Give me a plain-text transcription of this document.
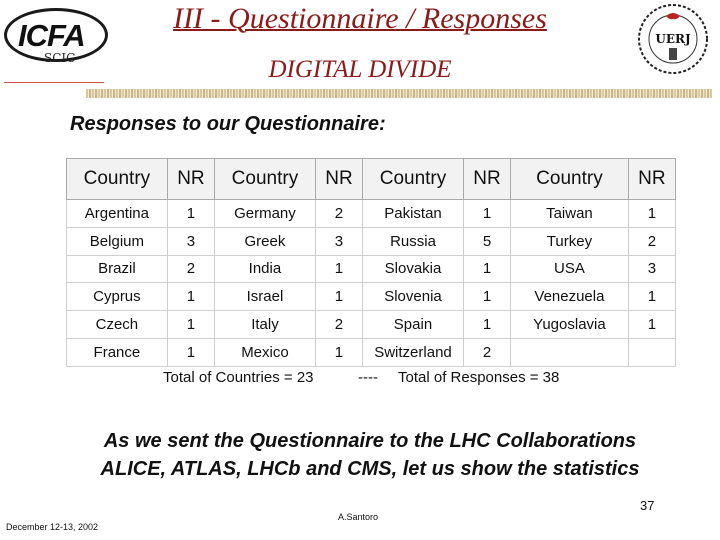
ICFA
SCIC
III - Questionnaire / Responses
DIGITAL DIVIDE
UERJ
Responses to our Questionnaire:
Country	NR	Country	NR	Country	NR	Country	NR
Argentina	1	Germany	2	Pakistan	1	Taiwan	1
Belgium	3	Greek	3	Russia	5	Turkey	2
Brazil	2	India	1	Slovakia	1	USA	3
Cyprus	1	Israel	1	Slovenia	1	Venezuela	1
Czech	1	Italy	2	Spain	1	Yugoslavia	1
France	1	Mexico	1	Switzerland	2		
Total of Countries = 23	---- Total of Responses = 38
As we sent the Questionnaire to the LHC Collaborations
ALICE, ATLAS, LHCb and CMS, let us show the statistics
37
A.Santoro
December 12-13, 2002
